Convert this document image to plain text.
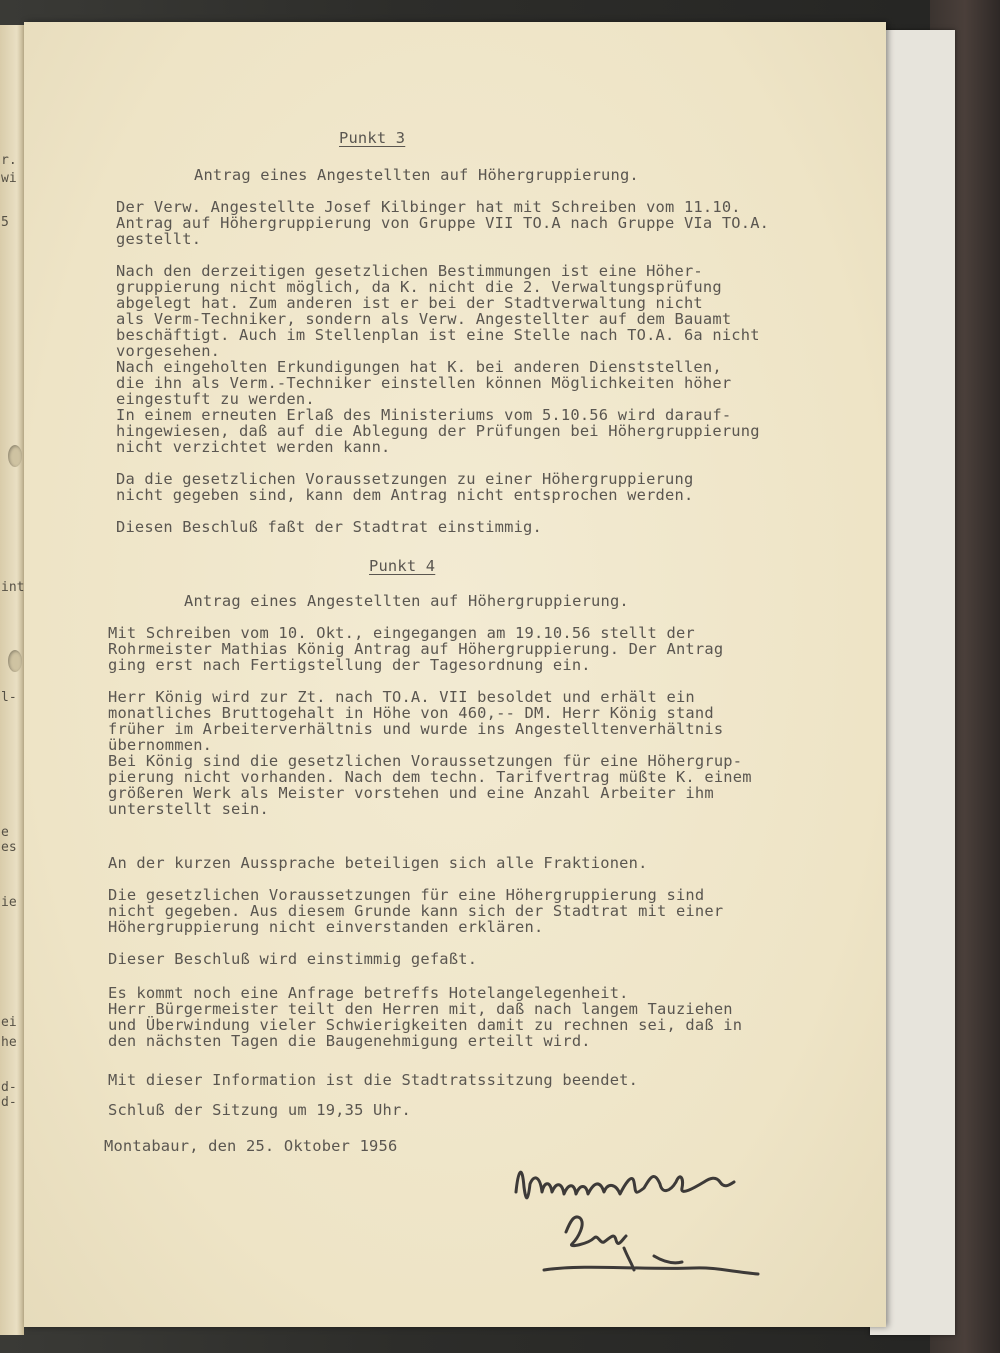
r.
wi
5
int
l-
e
es
ie
ei
he
d-
d-
Punkt 3
Antrag eines Angestellten auf Höhergruppierung.
Der Verw. Angestellte Josef Kilbinger hat mit Schreiben vom 11.10.
Antrag auf Höhergruppierung von Gruppe VII TO.A nach Gruppe VIa TO.A.
gestellt.
Nach den derzeitigen gesetzlichen Bestimmungen ist eine Höher-
gruppierung nicht möglich, da K. nicht die 2. Verwaltungsprüfung
abgelegt hat. Zum anderen ist er bei der Stadtverwaltung nicht
als Verm-Techniker, sondern als Verw. Angestellter auf dem Bauamt
beschäftigt. Auch im Stellenplan ist eine Stelle nach TO.A. 6a nicht
vorgesehen.
Nach eingeholten Erkundigungen hat K. bei anderen Dienststellen,
die ihn als Verm.-Techniker einstellen können Möglichkeiten höher
eingestuft zu werden.
In einem erneuten Erlaß des Ministeriums vom 5.10.56 wird darauf-
hingewiesen, daß auf die Ablegung der Prüfungen bei Höhergruppierung
nicht verzichtet werden kann.
Da die gesetzlichen Voraussetzungen zu einer Höhergruppierung
nicht gegeben sind, kann dem Antrag nicht entsprochen werden.
Diesen Beschluß faßt der Stadtrat einstimmig.
Punkt 4
Antrag eines Angestellten auf Höhergruppierung.
Mit Schreiben vom 10. Okt., eingegangen am 19.10.56 stellt der
Rohrmeister Mathias König Antrag auf Höhergruppierung. Der Antrag
ging erst nach Fertigstellung der Tagesordnung ein.
Herr König wird zur Zt. nach TO.A. VII besoldet und erhält ein
monatliches Bruttogehalt in Höhe von 460,-- DM. Herr König stand
früher im Arbeiterverhältnis und wurde ins Angestelltenverhältnis
übernommen.
Bei König sind die gesetzlichen Voraussetzungen für eine Höhergrup-
pierung nicht vorhanden. Nach dem techn. Tarifvertrag müßte K. einem
größeren Werk als Meister vorstehen und eine Anzahl Arbeiter ihm
unterstellt sein.
An der kurzen Aussprache beteiligen sich alle Fraktionen.
Die gesetzlichen Voraussetzungen für eine Höhergruppierung sind
nicht gegeben. Aus diesem Grunde kann sich der Stadtrat mit einer
Höhergruppierung nicht einverstanden erklären.
Dieser Beschluß wird einstimmig gefaßt.
Es kommt noch eine Anfrage betreffs Hotelangelegenheit.
Herr Bürgermeister teilt den Herren mit, daß nach langem Tauziehen
und Überwindung vieler Schwierigkeiten damit zu rechnen sei, daß in
den nächsten Tagen die Baugenehmigung erteilt wird.
Mit dieser Information ist die Stadtratssitzung beendet.
Schluß der Sitzung um 19,35 Uhr.
Montabaur, den 25. Oktober 1956
